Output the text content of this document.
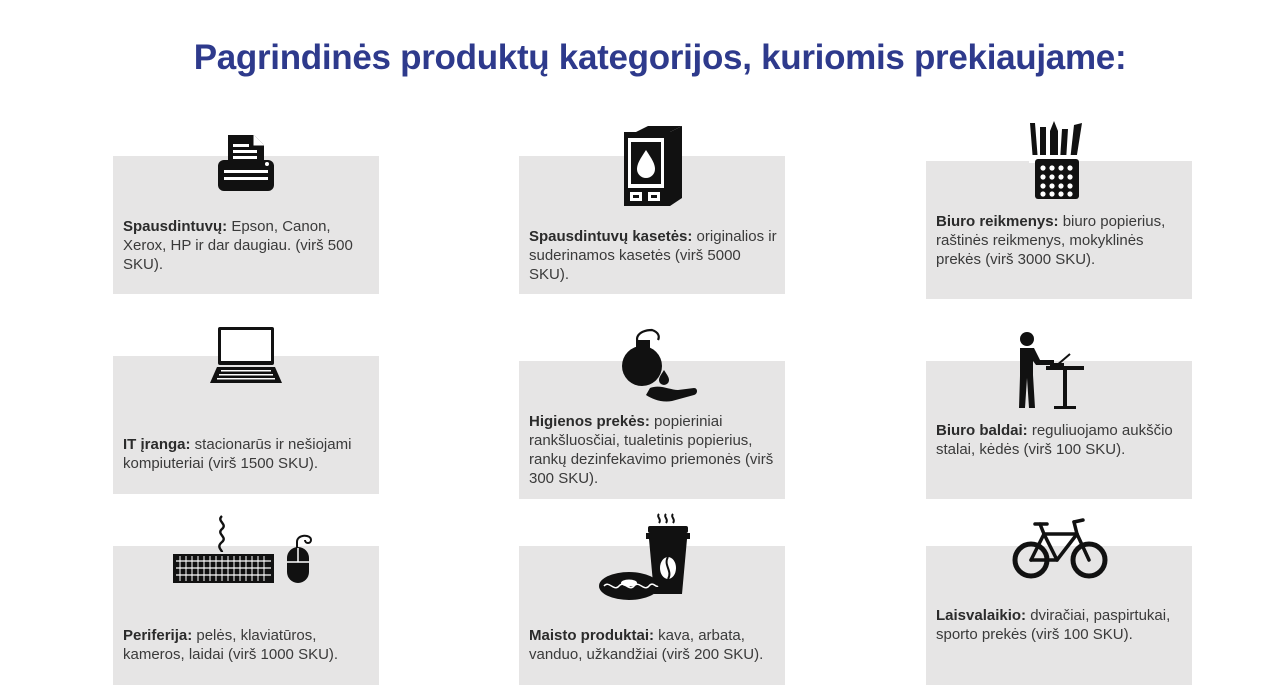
Pagrindinės produktų kategorijos, kuriomis prekiaujame:
Spausdintuvų: Epson, Canon, Xerox, HP ir dar daugiau. (virš 500 SKU).
Spausdintuvų kasetės: originalios ir suderinamos kasetės (virš 5000 SKU).
Biuro reikmenys: biuro popierius, raštinės reikmenys, mokyklinės prekės (virš 3000 SKU).
IT įranga: stacionarūs ir nešiojami kompiuteriai (virš 1500 SKU).
Higienos prekės: popieriniai rankšluosčiai, tualetinis popierius, rankų dezinfekavimo priemonės (virš 300 SKU).
Biuro baldai: reguliuojamo aukščio stalai, kėdės (virš 100 SKU).
Periferija: pelės, klaviatūros, kameros, laidai (virš 1000 SKU).
Maisto produktai: kava, arbata, vanduo, užkandžiai (virš 200 SKU).
Laisvalaikio: dviračiai, paspirtukai, sporto prekės (virš 100 SKU).
